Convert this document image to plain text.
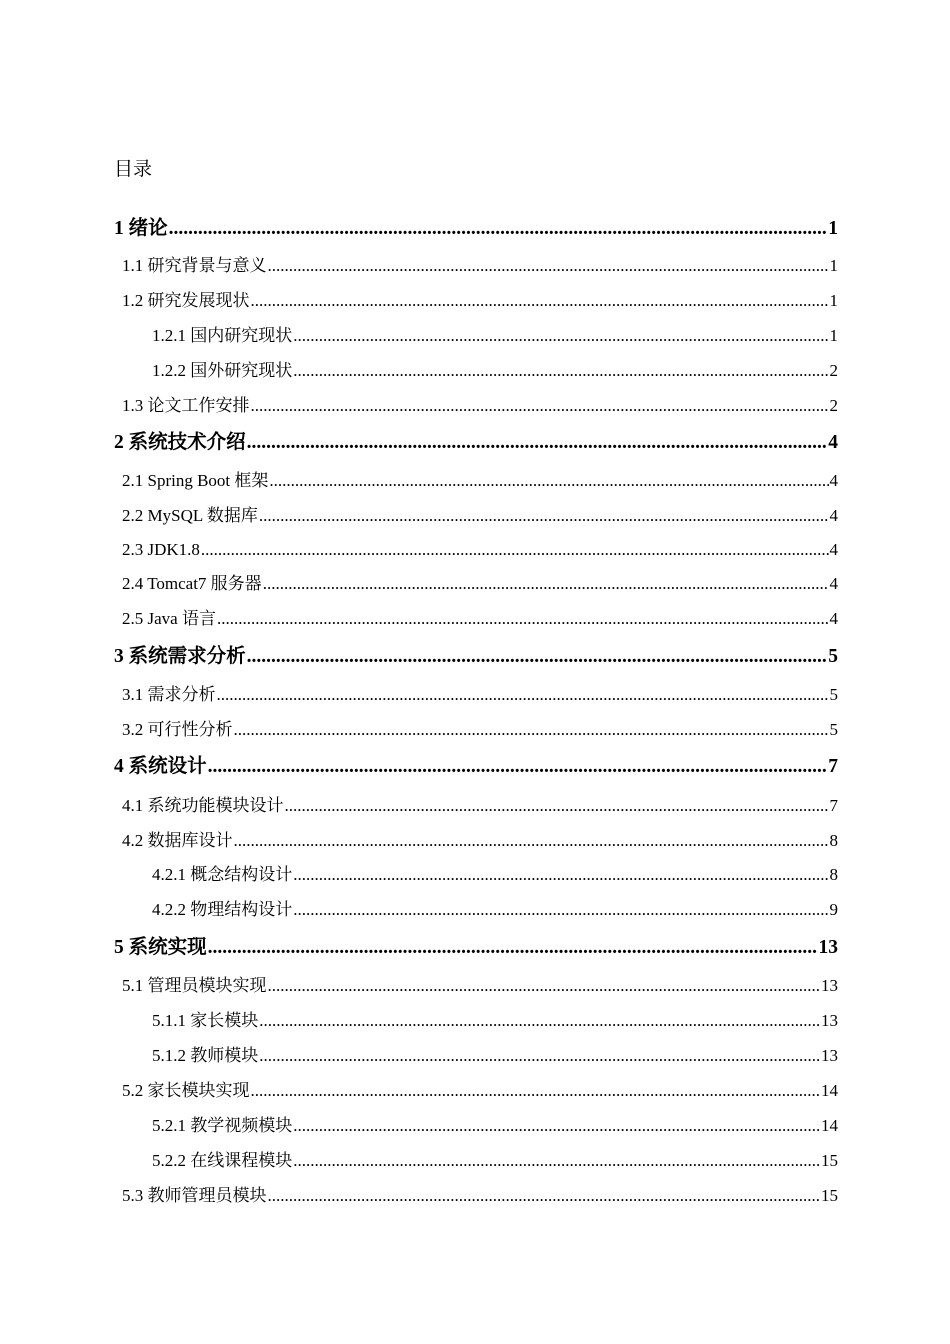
目录
1 绪论 .....	1
1.1 研究背景与意义 .....	1
1.2 研究发展现状 .....	1
1.2.1 国内研究现状 .....	1
1.2.2 国外研究现状 .....	2
1.3 论文工作安排 .....	2
2 系统技术介绍 .....	4
2.1 Spring Boot 框架 .....	4
2.2 MySQL 数据库 .....	4
2.3 JDK1.8 .....	4
2.4 Tomcat7 服务器 .....	4
2.5 Java 语言 .....	4
3 系统需求分析 .....	5
3.1 需求分析 .....	5
3.2 可行性分析 .....	5
4 系统设计 .....	7
4.1 系统功能模块设计 .....	7
4.2 数据库设计 .....	8
4.2.1 概念结构设计 .....	8
4.2.2 物理结构设计 .....	9
5 系统实现 .....	13
5.1 管理员模块实现 .....	13
5.1.1 家长模块 .....	13
5.1.2 教师模块 .....	13
5.2 家长模块实现 .....	14
5.2.1 教学视频模块 .....	14
5.2.2 在线课程模块 .....	15
5.3 教师管理员模块 .....	15
